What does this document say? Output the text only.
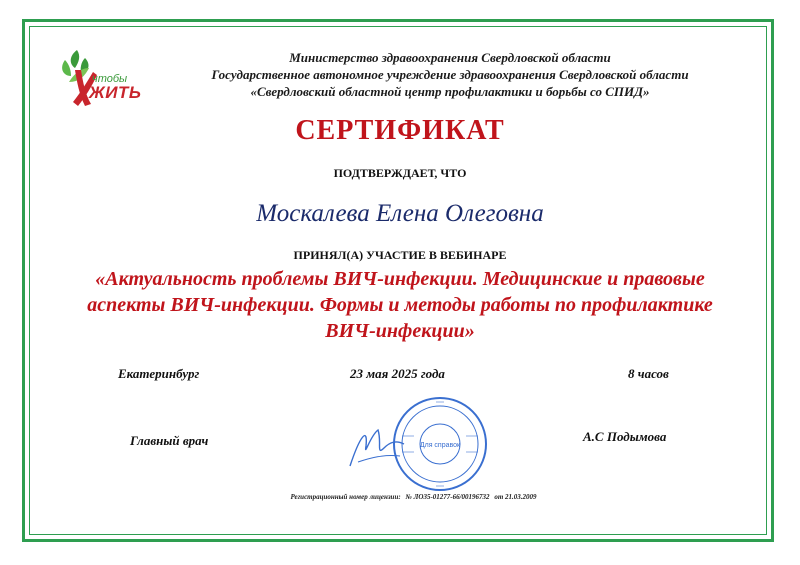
чтобы
ЖИТЬ
Министерство здравоохранения Свердловской области
Государственное автономное учреждение здравоохранения Свердловской области
«Свердловский областной центр профилактики и борьбы со СПИД»
СЕРТИФИКАТ
ПОДТВЕРЖДАЕТ, ЧТО
Москалева Елена Олеговна
ПРИНЯЛ(А) УЧАСТИЕ В ВЕБИНАРЕ
«Актуальность проблемы ВИЧ-инфекции. Медицинские и правовые аспекты ВИЧ-инфекции. Формы и методы работы по профилактике ВИЧ-инфекции»
Екатеринбург	23 мая 2025 года	8 часов
Главный врач	Для справок
А.С Подымова
Регистрационный номер лицензии: № ЛО35-01277-66/00196732 от 21.03.2009
